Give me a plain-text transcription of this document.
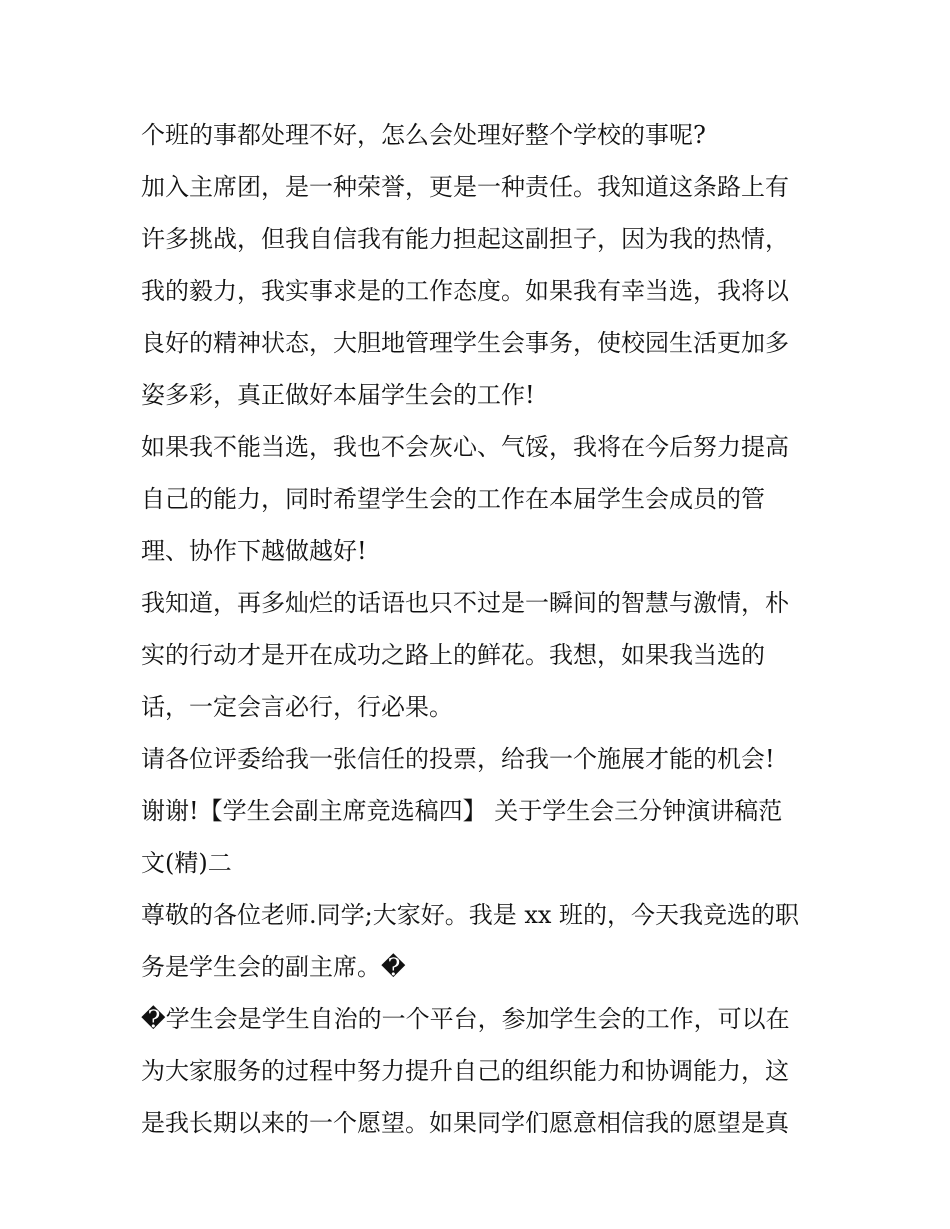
个班的事都处理不好，怎么会处理好整个学校的事呢?
加入主席团，是一种荣誉，更是一种责任。我知道这条路上有
许多挑战，但我自信我有能力担起这副担子，因为我的热情，
我的毅力，我实事求是的工作态度。如果我有幸当选，我将以
良好的精神状态，大胆地管理学生会事务，使校园生活更加多
姿多彩，真正做好本届学生会的工作!
如果我不能当选，我也不会灰心、气馁，我将在今后努力提高
自己的能力，同时希望学生会的工作在本届学生会成员的管
理、协作下越做越好!
我知道，再多灿烂的话语也只不过是一瞬间的智慧与激情，朴
实的行动才是开在成功之路上的鲜花。我想，如果我当选的
话，一定会言必行，行必果。
请各位评委给我一张信任的投票，给我一个施展才能的机会!
谢谢!【学生会副主席竞选稿四】 关于学生会三分钟演讲稿范
文(精)二
尊敬的各位老师.同学;大家好。我是 xx 班的，今天我竞选的职
务是学生会的副主席。�
�学生会是学生自治的一个平台，参加学生会的工作，可以在
为大家服务的过程中努力提升自己的组织能力和协调能力，这
是我长期以来的一个愿望。如果同学们愿意相信我的愿望是真
